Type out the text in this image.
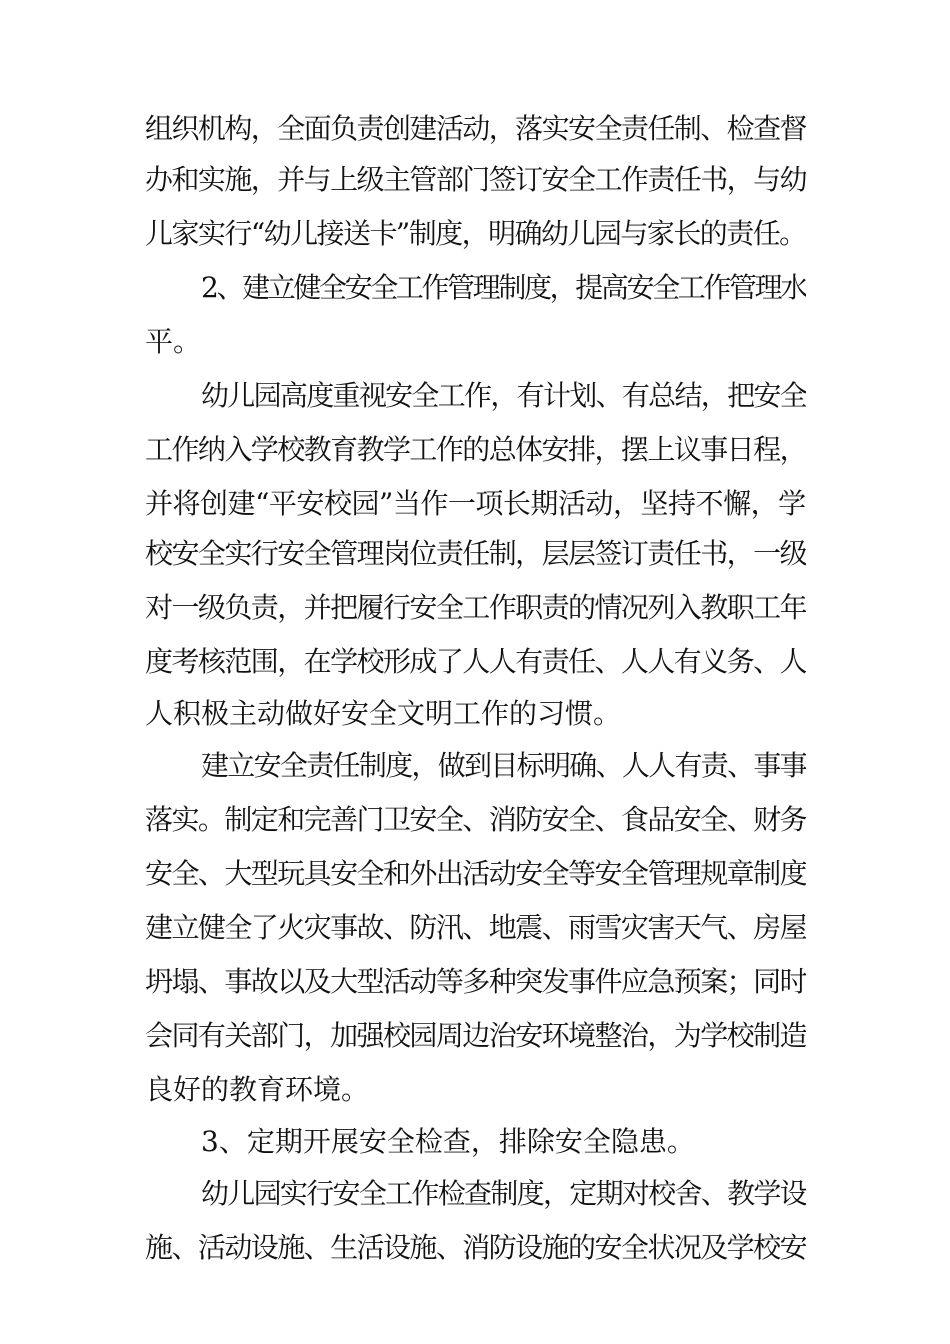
组织机构，全面负责创建活动，落实安全责任制、检查督
办和实施，并与上级主管部门签订安全工作责任书，与幼
儿家实行“幼儿接送卡”制度，明确幼儿园与家长的责任。
2、建立健全安全工作管理制度，提高安全工作管理水
平。
幼儿园高度重视安全工作，有计划、有总结，把安全
工作纳入学校教育教学工作的总体安排，摆上议事日程，
并将创建“平安校园”当作一项长期活动，坚持不懈，学
校安全实行安全管理岗位责任制，层层签订责任书，一级
对一级负责，并把履行安全工作职责的情况列入教职工年
度考核范围，在学校形成了人人有责任、人人有义务、人
人积极主动做好安全文明工作的习惯。
建立安全责任制度，做到目标明确、人人有责、事事
落实。制定和完善门卫安全、消防安全、食品安全、财务
安全、大型玩具安全和外出活动安全等安全管理规章制度
建立健全了火灾事故、防汛、地震、雨雪灾害天气、房屋
坍塌、事故以及大型活动等多种突发事件应急预案；同时
会同有关部门，加强校园周边治安环境整治，为学校制造
良好的教育环境。
3、定期开展安全检查，排除安全隐患。
幼儿园实行安全工作检查制度，定期对校舍、教学设
施、活动设施、生活设施、消防设施的安全状况及学校安
